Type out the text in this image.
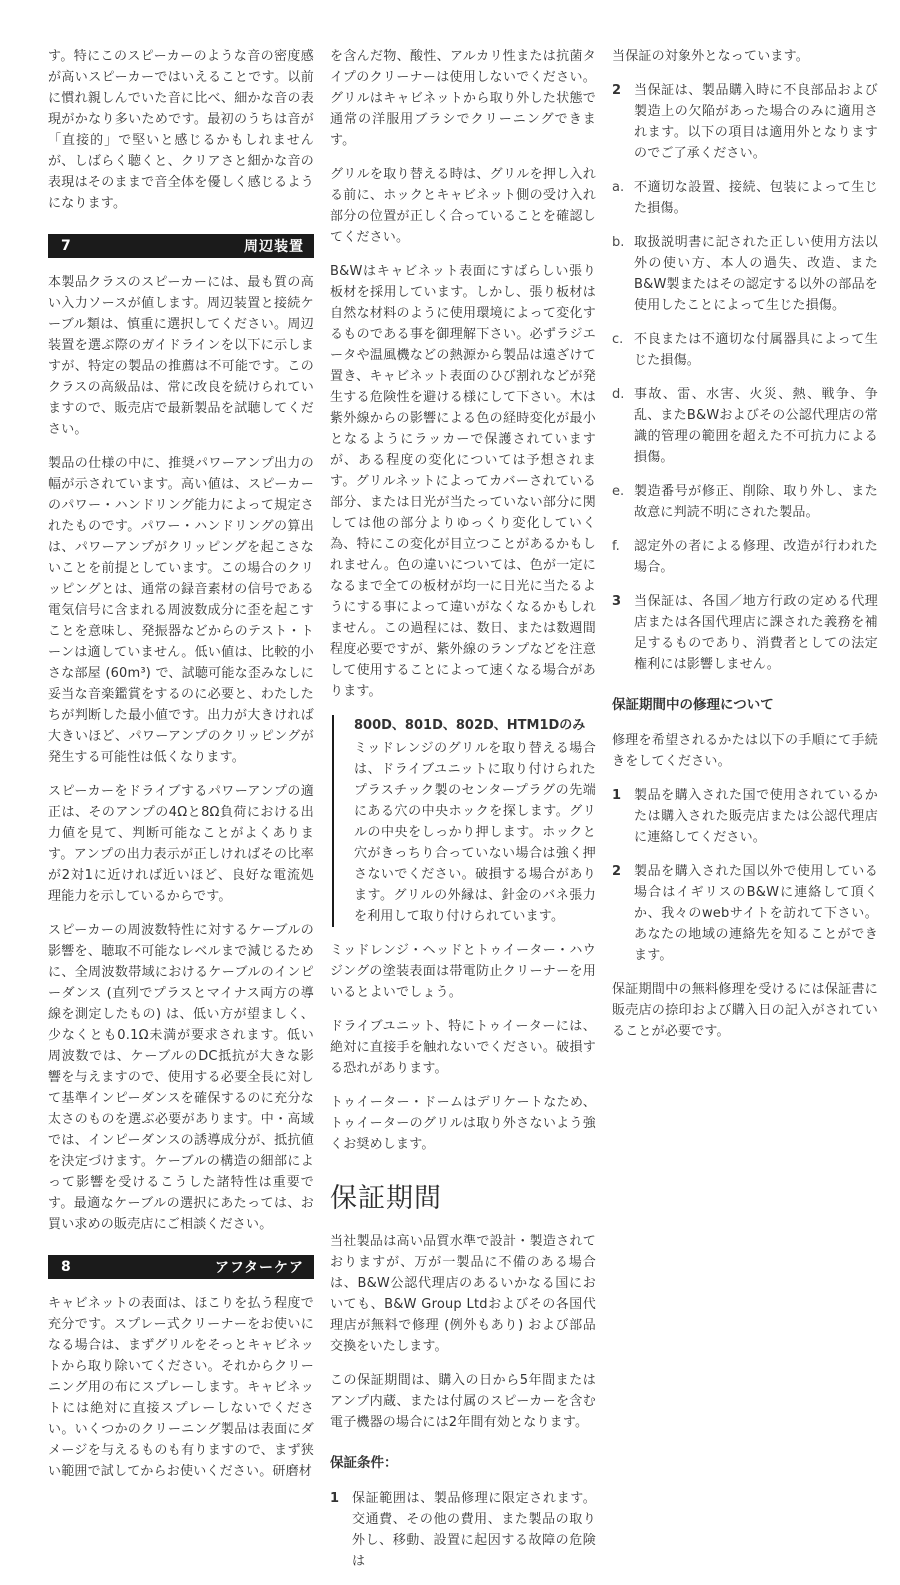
す。特にこのスピーカーのような音の密度感が高いスピーカーではいえることです。以前に慣れ親しんでいた音に比べ、細かな音の表現がかなり多いためです。最初のうちは音が「直接的」で堅いと感じるかもしれませんが、しばらく聴くと、クリアさと細かな音の表現はそのままで音全体を優しく感じるようになります。

7	周辺装置

本製品クラスのスピーカーには、最も質の高い入力ソースが値します。周辺装置と接続ケーブル類は、慎重に選択してください。周辺装置を選ぶ際のガイドラインを以下に示しますが、特定の製品の推薦は不可能です。このクラスの高級品は、常に改良を続けられていますので、販売店で最新製品を試聴してください。

製品の仕様の中に、推奨パワーアンプ出力の幅が示されています。高い値は、スピーカーのパワー・ハンドリング能力によって規定されたものです。パワー・ハンドリングの算出は、パワーアンプがクリッピングを起こさないことを前提としています。この場合のクリッピングとは、通常の録音素材の信号である電気信号に含まれる周波数成分に歪を起こすことを意味し、発振器などからのテスト・トーンは適していません。低い値は、比較的小さな部屋 (60m³) で、試聴可能な歪みなしに妥当な音楽鑑賞をするのに必要と、わたしたちが判断した最小値です。出力が大きければ大きいほど、パワーアンプのクリッピングが発生する可能性は低くなります。

スピーカーをドライブするパワーアンプの適正は、そのアンプの4Ωと8Ω負荷における出力値を見て、判断可能なことがよくあります。アンプの出力表示が正しければその比率が2対1に近ければ近いほど、良好な電流処理能力を示しているからです。

スピーカーの周波数特性に対するケーブルの影響を、聴取不可能なレベルまで減じるために、全周波数帯域におけるケーブルのインピーダンス (直列でプラスとマイナス両方の導線を測定したもの) は、低い方が望ましく、少なくとも0.1Ω未満が要求されます。低い周波数では、ケーブルのDC抵抗が大きな影響を与えますので、使用する必要全長に対して基準インピーダンスを確保するのに充分な太さのものを選ぶ必要があります。中・高域では、インピーダンスの誘導成分が、抵抗値を決定づけます。ケーブルの構造の細部によって影響を受けるこうした諸特性は重要です。最適なケーブルの選択にあたっては、お買い求めの販売店にご相談ください。

8	アフターケア

キャビネットの表面は、ほこりを払う程度で充分です。スプレー式クリーナーをお使いになる場合は、まずグリルをそっとキャビネットから取り除いてください。それからクリーニング用の布にスプレーします。キャビネットには絶対に直接スプレーしないでください。いくつかのクリーニング製品は表面にダメージを与えるものも有りますので、まず狭い範囲で試してからお使いください。研磨材

を含んだ物、酸性、アルカリ性または抗菌タイプのクリーナーは使用しないでください。グリルはキャビネットから取り外した状態で通常の洋服用ブラシでクリーニングできます。

グリルを取り替える時は、グリルを押し入れる前に、ホックとキャビネット側の受け入れ部分の位置が正しく合っていることを確認してください。

B&Wはキャビネット表面にすばらしい張り板材を採用しています。しかし、張り板材は自然な材料のように使用環境によって変化するものである事を御理解下さい。必ずラジエータや温風機などの熱源から製品は遠ざけて置き、キャビネット表面のひび割れなどが発生する危険性を避ける様にして下さい。木は紫外線からの影響による色の経時変化が最小となるようにラッカーで保護されていますが、ある程度の変化については予想されます。グリルネットによってカバーされている部分、または日光が当たっていない部分に関しては他の部分よりゆっくり変化していく為、特にこの変化が目立つことがあるかもしれません。色の違いについては、色が一定になるまで全ての板材が均一に日光に当たるようにする事によって違いがなくなるかもしれません。この過程には、数日、または数週間程度必要ですが、紫外線のランプなどを注意して使用することによって速くなる場合があります。

800D、801D、802D、HTM1Dのみ

ミッドレンジのグリルを取り替える場合は、ドライブユニットに取り付けられたプラスチック製のセンタープラグの先端にある穴の中央ホックを探します。グリルの中央をしっかり押します。ホックと穴がきっちり合っていない場合は強く押さないでください。破損する場合があります。グリルの外縁は、針金のバネ張力を利用して取り付けられています。

ミッドレンジ・ヘッドとトゥイーター・ハウジングの塗装表面は帯電防止クリーナーを用いるとよいでしょう。

ドライブユニット、特にトゥイーターには、絶対に直接手を触れないでください。破損する恐れがあります。

トゥイーター・ドームはデリケートなため、トゥイーターのグリルは取り外さないよう強くお奨めします。

保証期間

当社製品は高い品質水準で設計・製造されておりますが、万が一製品に不備のある場合は、B&W公認代理店のあるいかなる国においても、B&W Group Ltdおよびその各国代理店が無料で修理 (例外もあり) および部品交換をいたします。

この保証期間は、購入の日から5年間またはアンプ内蔵、または付属のスピーカーを含む電子機器の場合には2年間有効となります。

保証条件：
1 保証範囲は、製品修理に限定されます。交通費、その他の費用、また製品の取り外し、移動、設置に起因する故障の危険は

当保証の対象外となっています。

2 当保証は、製品購入時に不良部品および製造上の欠陥があった場合のみに適用されます。以下の項目は適用外となりますのでご了承ください。
a. 不適切な設置、接続、包装によって生じた損傷。
b. 取扱説明書に記された正しい使用方法以外の使い方、本人の過失、改造、またB&W製またはその認定する以外の部品を使用したことによって生じた損傷。
c. 不良または不適切な付属器具によって生じた損傷。
d. 事故、雷、水害、火災、熱、戦争、争乱、またB&Wおよびその公認代理店の常識的管理の範囲を超えた不可抗力による損傷。
e. 製造番号が修正、削除、取り外し、また故意に判読不明にされた製品。
f.	認定外の者による修理、改造が行われた場合。
3 当保証は、各国／地方行政の定める代理店または各国代理店に課された義務を補足するものであり、消費者としての法定権利には影響しません。
保証期間中の修理について

修理を希望されるかたは以下の手順にて手続きをしてください。

1 製品を購入された国で使用されているかたは購入された販売店または公認代理店に連絡してください。
2 製品を購入された国以外で使用している場合はイギリスのB&Wに連絡して頂くか、我々のwebサイトを訪れて下さい。あなたの地域の連絡先を知ることができます。

保証期間中の無料修理を受けるには保証書に販売店の捺印および購入日の記入がされていることが必要です。
